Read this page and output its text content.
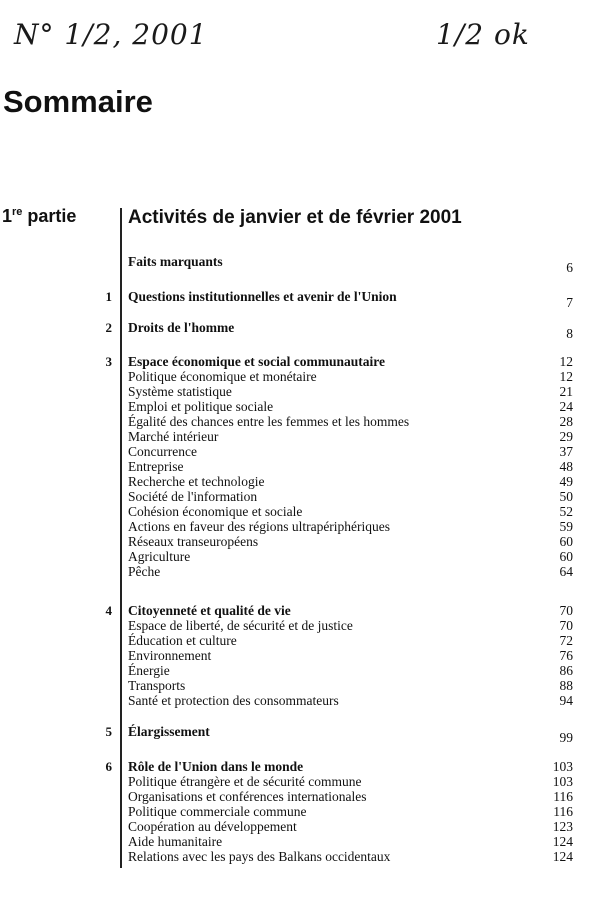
N° 1/2, 2001	1/2 ok
Sommaire
1re partie	Activités de janvier et de février 2001
Faits marquants	6
1 Questions institutionnelles et avenir de l'Union	7
2 Droits de l'homme	8
3 Espace économique et social communautaire	12
Politique économique et monétaire	12
Système statistique	21
Emploi et politique sociale	24
Égalité des chances entre les femmes et les hommes	28
Marché intérieur	29
Concurrence	37
Entreprise	48
Recherche et technologie	49
Société de l'information	50
Cohésion économique et sociale	52
Actions en faveur des régions ultrapériphériques	59
Réseaux transeuropéens	60
Agriculture	60
Pêche	64
4 Citoyenneté et qualité de vie	70
Espace de liberté, de sécurité et de justice	70
Éducation et culture	72
Environnement	76
Énergie	86
Transports	88
Santé et protection des consommateurs	94
5 Élargissement	99
6 Rôle de l'Union dans le monde	103
Politique étrangère et de sécurité commune	103
Organisations et conférences internationales	116
Politique commerciale commune	116
Coopération au développement	123
Aide humanitaire	124
Relations avec les pays des Balkans occidentaux	124
